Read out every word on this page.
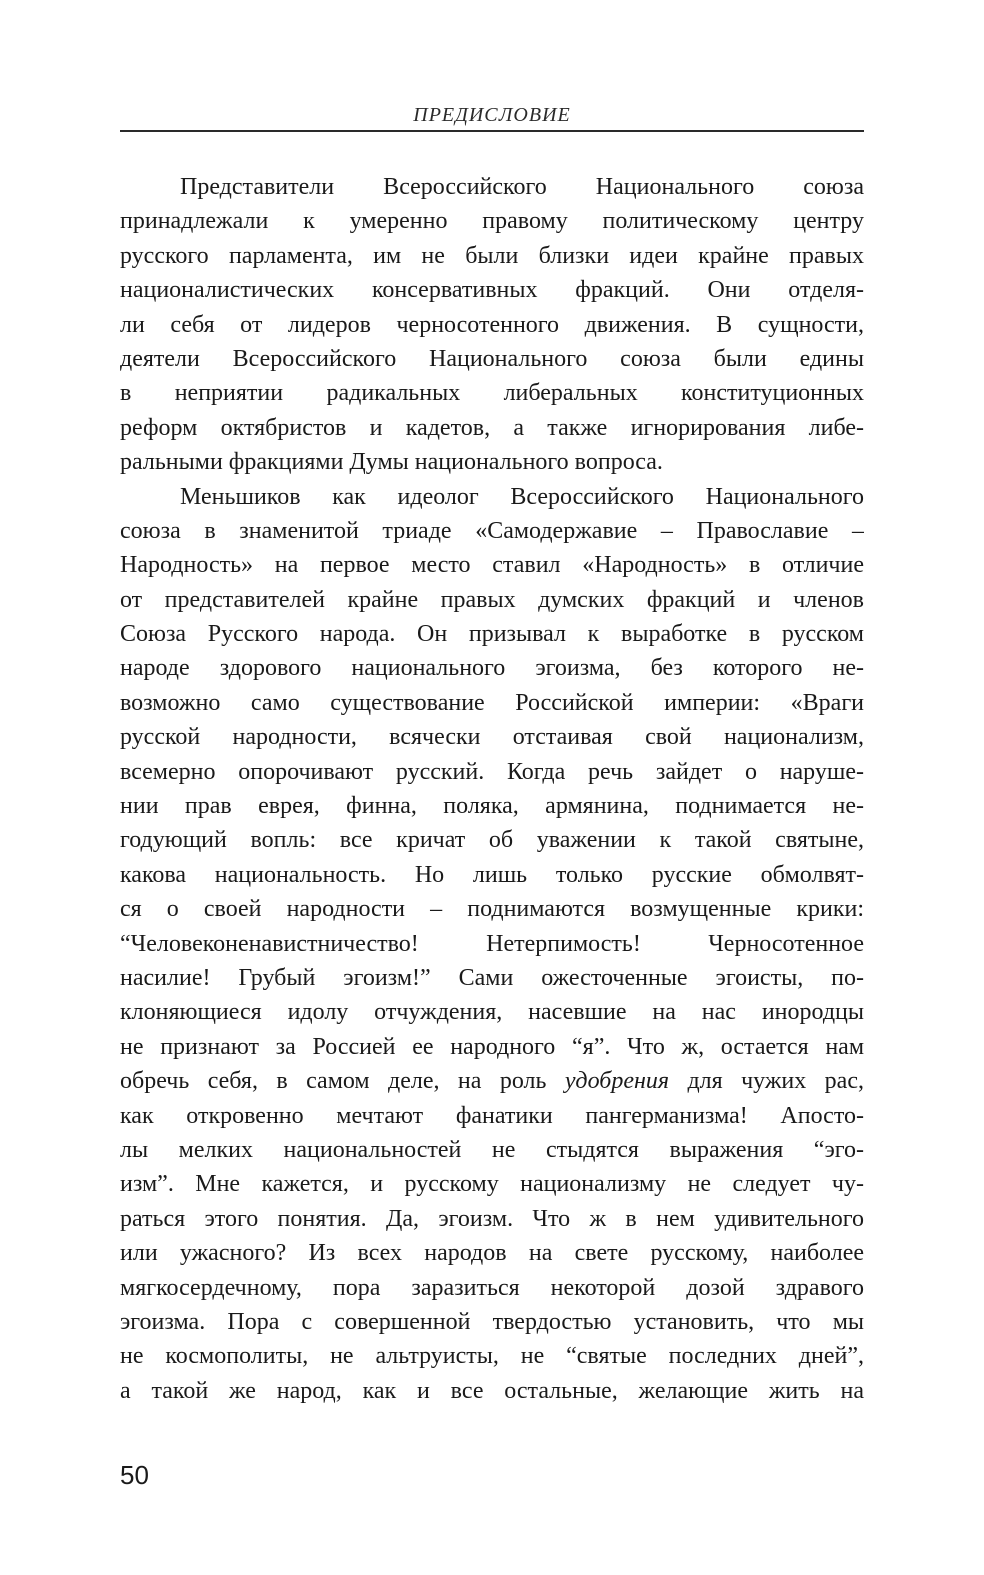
ПРЕДИСЛОВИЕ
Представители Всероссийского Национального союза
принадлежали к умеренно правому политическому центру
русского парламента, им не были близки идеи крайне правых
националистических консервативных фракций. Они отделя-
ли себя от лидеров черносотенного движения. В сущности,
деятели Всероссийского Национального союза были едины
в неприятии радикальных либеральных конституционных
реформ октябристов и кадетов, а также игнорирования либе-
ральными фракциями Думы национального вопроса.
Меньшиков как идеолог Всероссийского Национального
союза в знаменитой триаде «Самодержавие – Православие –
Народность» на первое место ставил «Народность» в отличие
от представителей крайне правых думских фракций и членов
Союза Русского народа. Он призывал к выработке в русском
народе здорового национального эгоизма, без которого не-
возможно само существование Российской империи: «Враги
русской народности, всячески отстаивая свой национализм,
всемерно опорочивают русский. Когда речь зайдет о наруше-
нии прав еврея, финна, поляка, армянина, поднимается не-
годующий вопль: все кричат об уважении к такой святыне,
какова национальность. Но лишь только русские обмолвят-
ся о своей народности – поднимаются возмущенные крики:
“Человеконенавистничество! Нетерпимость! Черносотенное
насилие! Грубый эгоизм!” Сами ожесточенные эгоисты, по-
клоняющиеся идолу отчуждения, насевшие на нас инородцы
не признают за Россией ее народного “я”. Что ж, остается нам
обречь себя, в самом деле, на роль удобрения для чужих рас,
как откровенно мечтают фанатики пангерманизма! Апосто-
лы мелких национальностей не стыдятся выражения “эго-
изм”. Мне кажется, и русскому национализму не следует чу-
раться этого понятия. Да, эгоизм. Что ж в нем удивительного
или ужасного? Из всех народов на свете русскому, наиболее
мягкосердечному, пора заразиться некоторой дозой здравого
эгоизма. Пора с совершенной твердостью установить, что мы
не космополиты, не альтруисты, не “святые последних дней”,
а такой же народ, как и все остальные, желающие жить на
50
